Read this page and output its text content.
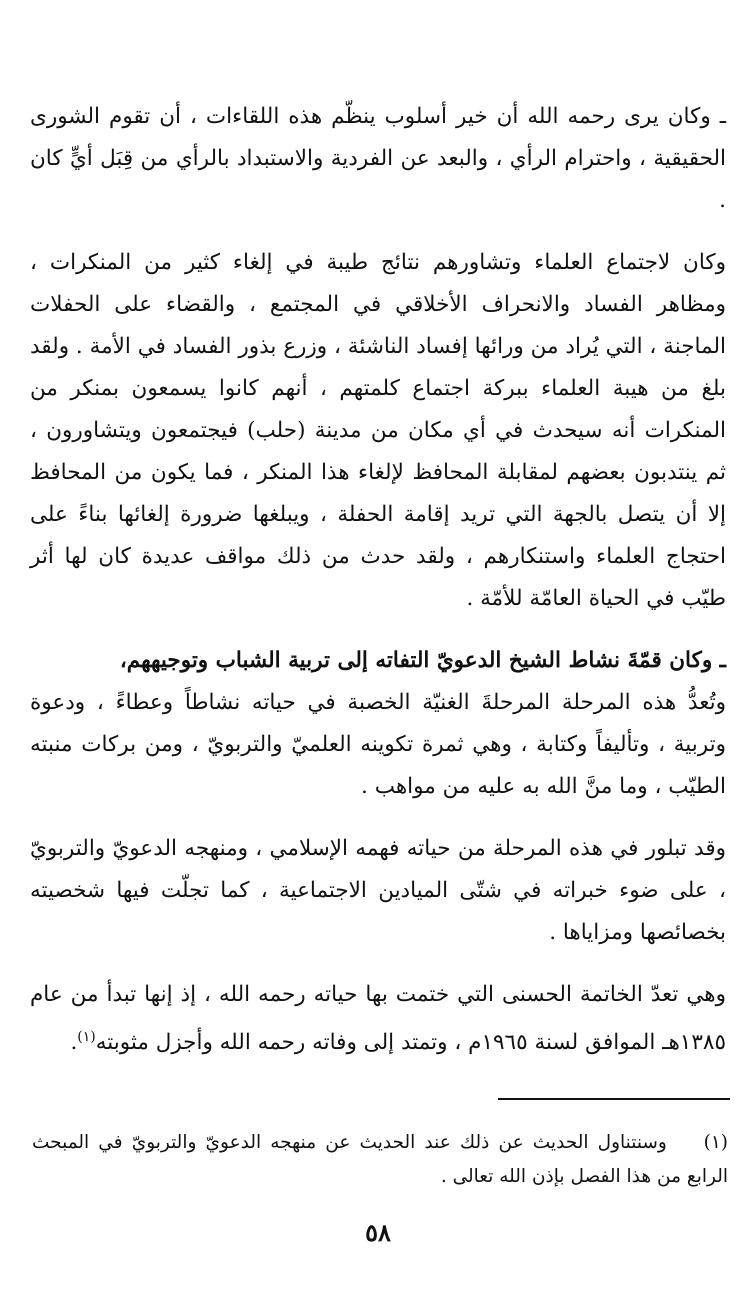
ـ وكان يرى رحمه الله أن خير أسلوب ينظّم هذه اللقاءات ، أن تقوم الشورى الحقيقية ، واحترام الرأي ، والبعد عن الفردية والاستبداد بالرأي من قِبَل أيٍّ كان .

وكان لاجتماع العلماء وتشاورهم نتائج طيبة في إلغاء كثير من المنكرات ، ومظاهر الفساد والانحراف الأخلاقي في المجتمع ، والقضاء على الحفلات الماجنة ، التي يُراد من ورائها إفساد الناشئة ، وزرع بذور الفساد في الأمة . ولقد بلغ من هيبة العلماء ببركة اجتماع كلمتهم ، أنهم كانوا يسمعون بمنكر من المنكرات أنه سيحدث في أي مكان من مدينة (حلب) فيجتمعون ويتشاورون ، ثم ينتدبون بعضهم لمقابلة المحافظ لإلغاء هذا المنكر ، فما يكون من المحافظ إلا أن يتصل بالجهة التي تريد إقامة الحفلة ، ويبلغها ضرورة إلغائها بناءً على احتجاج العلماء واستنكارهم ، ولقد حدث من ذلك مواقف عديدة كان لها أثر طيّب في الحياة العامّة للأمّة .

ـ وكان قمّةَ نشاط الشيخ الدعويّ التفاته إلى تربية الشباب وتوجيههم،

وتُعدُّ هذه المرحلة المرحلةَ الغنيّة الخصبة في حياته نشاطاً وعطاءً ، ودعوة وتربية ، وتأليفاً وكتابة ، وهي ثمرة تكوينه العلميّ والتربويّ ، ومن بركات منبته الطيّب ، وما منَّ الله به عليه من مواهب .

وقد تبلور في هذه المرحلة من حياته فهمه الإسلامي ، ومنهجه الدعويّ والتربويّ ، على ضوء خبراته في شتّى الميادين الاجتماعية ، كما تجلّت فيها شخصيته بخصائصها ومزاياها .

وهي تعدّ الخاتمة الحسنى التي ختمت بها حياته رحمه الله ، إذ إنها تبدأ من عام ١٣٨٥هـ الموافق لسنة ١٩٦٥م ، وتمتد إلى وفاته رحمه الله وأجزل مثوبته$^{(١)}$.

(١) وسنتناول الحديث عن ذلك عند الحديث عن منهجه الدعويّ والتربويّ في المبحث الرابع من هذا الفصل بإذن الله تعالى .
٥٨
